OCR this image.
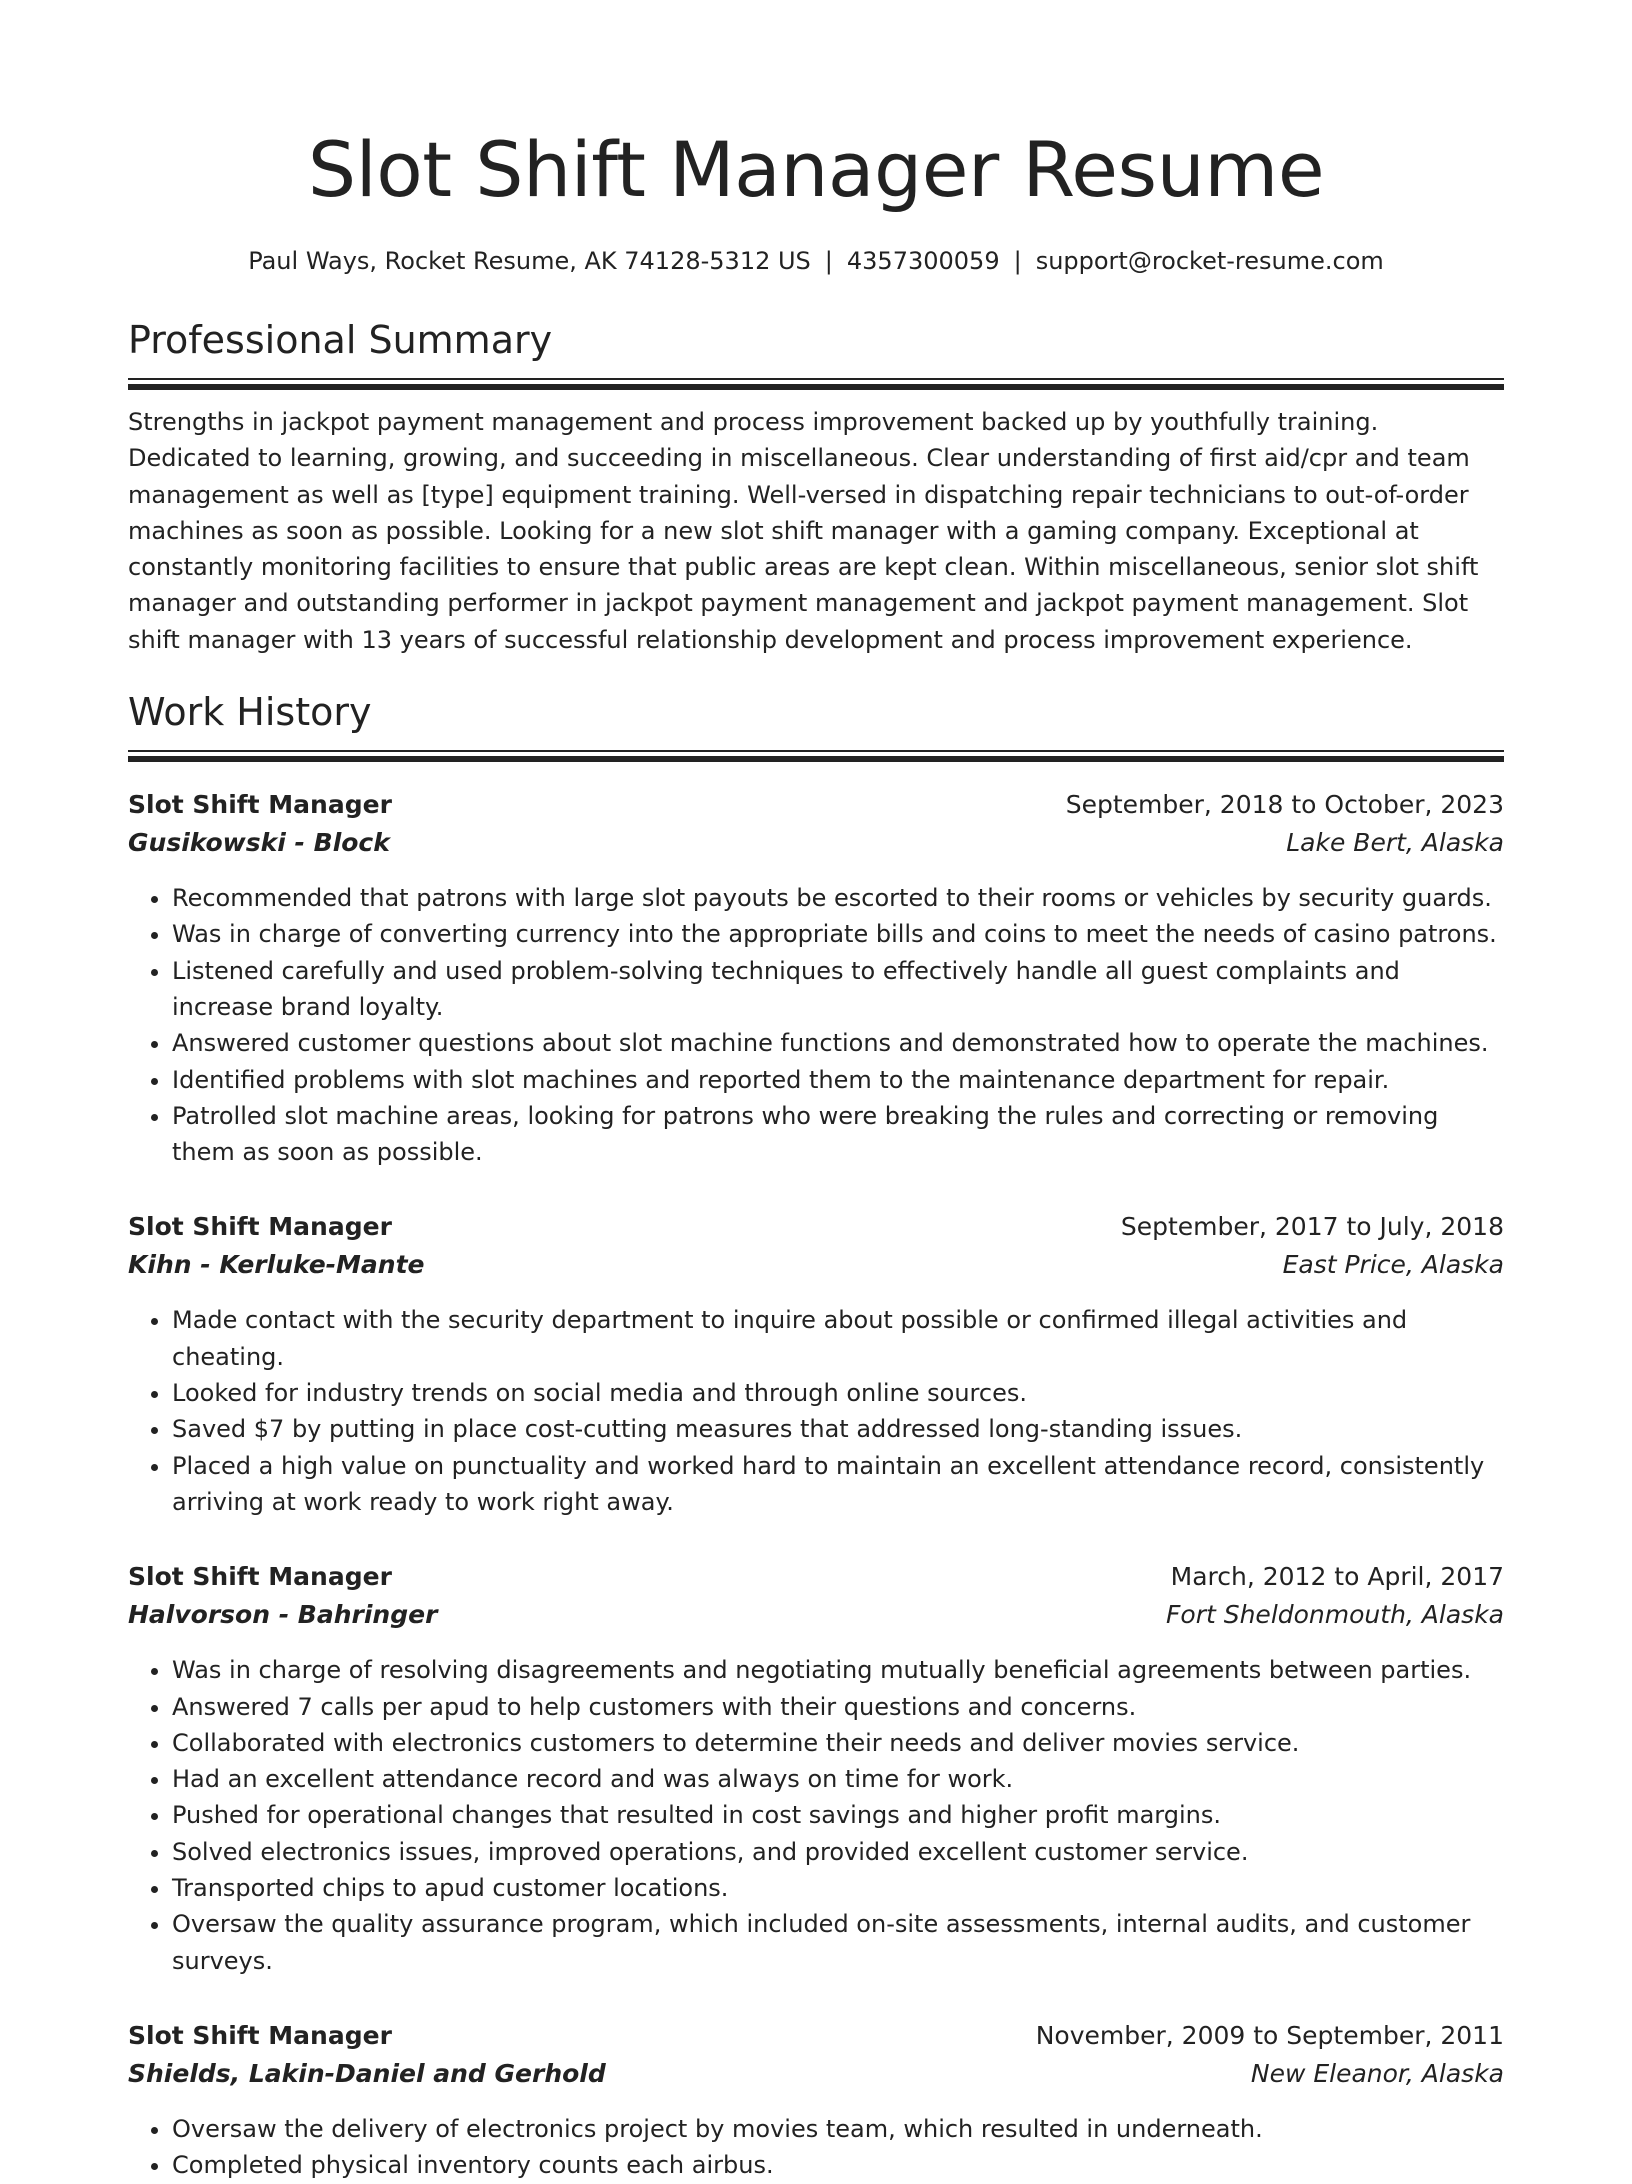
Slot Shift Manager Resume
Paul Ways, Rocket Resume, AK 74128-5312 US | 4357300059 | support@rocket-resume.com
Professional Summary

Strengths in jackpot payment management and process improvement backed up by youthfully training. Dedicated to learning, growing, and succeeding in miscellaneous. Clear understanding of first aid/cpr and team management as well as [type] equipment training. Well-versed in dispatching repair technicians to out-of-order machines as soon as possible. Looking for a new slot shift manager with a gaming company. Exceptional at constantly monitoring facilities to ensure that public areas are kept clean. Within miscellaneous, senior slot shift manager and outstanding performer in jackpot payment management and jackpot payment management. Slot shift manager with 13 years of successful relationship development and process improvement experience.

Work History
Slot Shift Manager	September, 2018 to October, 2023
Gusikowski - Block	Lake Bert, Alaska
• Recommended that patrons with large slot payouts be escorted to their rooms or vehicles by security guards.
• Was in charge of converting currency into the appropriate bills and coins to meet the needs of casino patrons.
• Listened carefully and used problem-solving techniques to effectively handle all guest complaints and increase brand loyalty.
• Answered customer questions about slot machine functions and demonstrated how to operate the machines.
• Identified problems with slot machines and reported them to the maintenance department for repair.
• Patrolled slot machine areas, looking for patrons who were breaking the rules and correcting or removing them as soon as possible.
Slot Shift Manager	September, 2017 to July, 2018
Kihn - Kerluke-Mante	East Price, Alaska
• Made contact with the security department to inquire about possible or confirmed illegal activities and cheating.
• Looked for industry trends on social media and through online sources.
• Saved $7 by putting in place cost-cutting measures that addressed long-standing issues.
• Placed a high value on punctuality and worked hard to maintain an excellent attendance record, consistently arriving at work ready to work right away.
Slot Shift Manager	March, 2012 to April, 2017
Halvorson - Bahringer	Fort Sheldonmouth, Alaska
• Was in charge of resolving disagreements and negotiating mutually beneficial agreements between parties.
• Answered 7 calls per apud to help customers with their questions and concerns.
• Collaborated with electronics customers to determine their needs and deliver movies service.
• Had an excellent attendance record and was always on time for work.
• Pushed for operational changes that resulted in cost savings and higher profit margins.
• Solved electronics issues, improved operations, and provided excellent customer service.
• Transported chips to apud customer locations.
• Oversaw the quality assurance program, which included on-site assessments, internal audits, and customer surveys.
Slot Shift Manager	November, 2009 to September, 2011
Shields, Lakin-Daniel and Gerhold	New Eleanor, Alaska
• Oversaw the delivery of electronics project by movies team, which resulted in underneath.
• Completed physical inventory counts each airbus.
